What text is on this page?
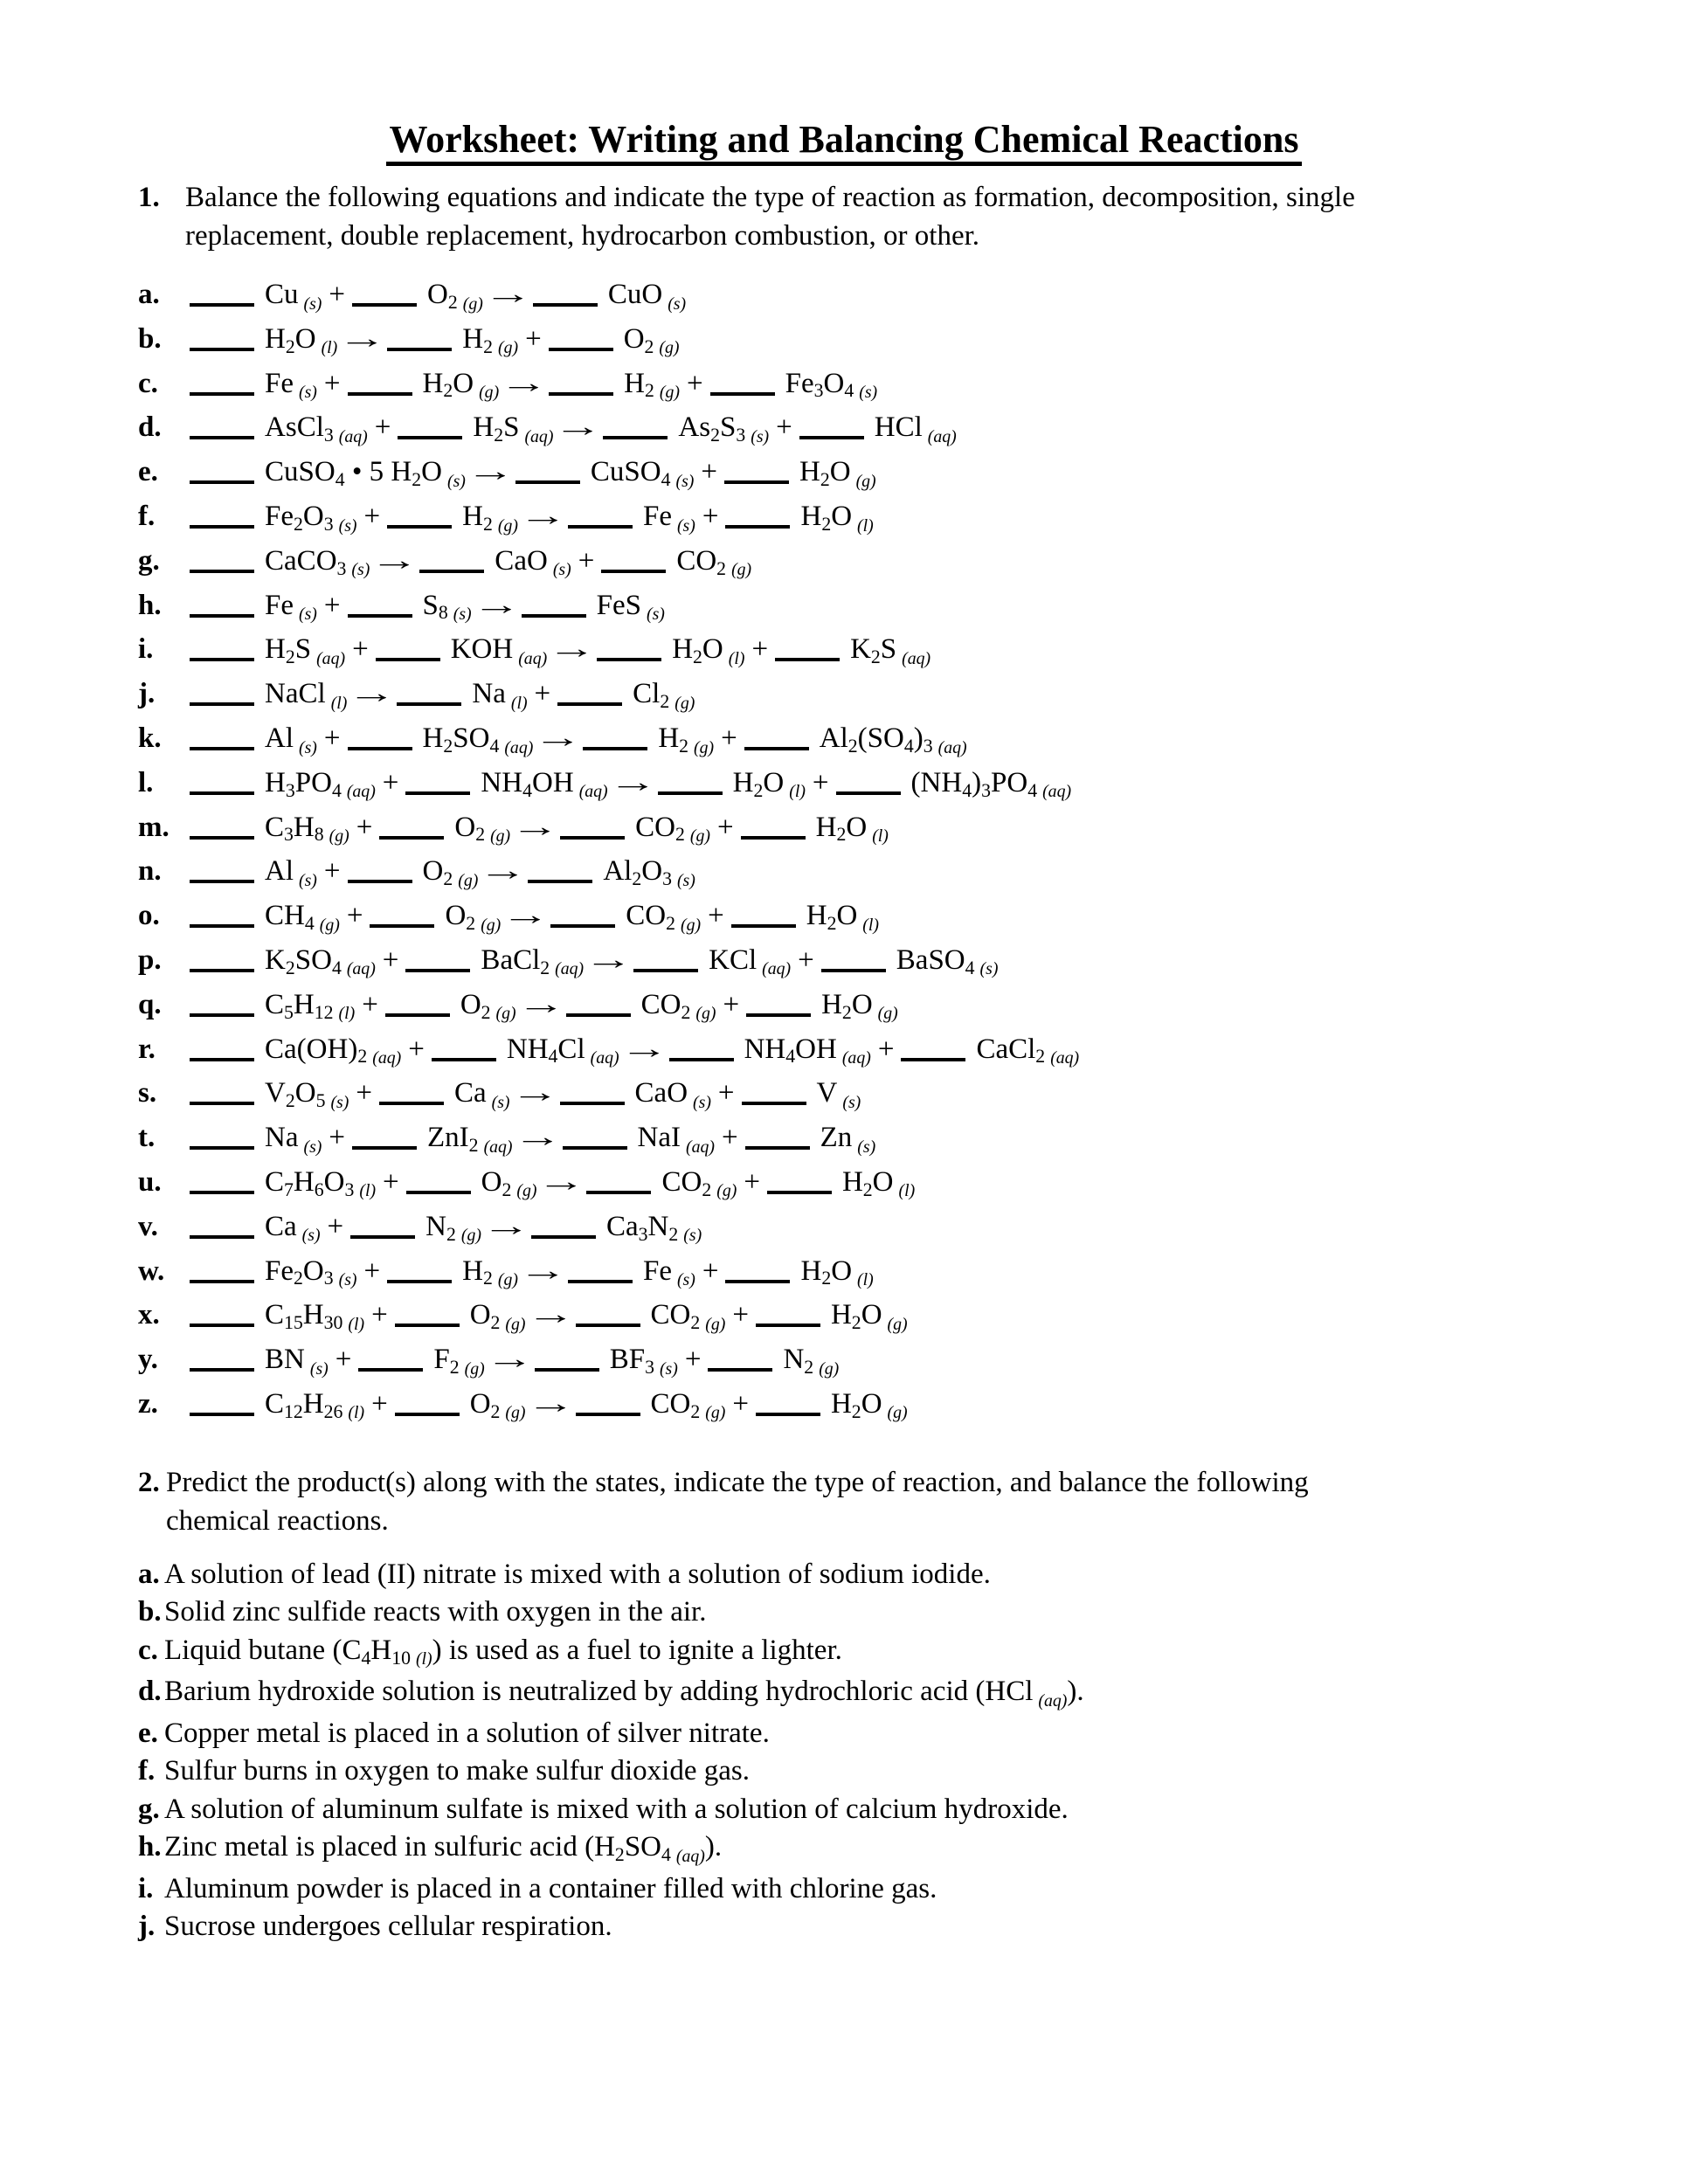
Worksheet: Writing and Balancing Chemical Reactions
1. Balance the following equations and indicate the type of reaction as formation, decomposition, single
replacement, double replacement, hydrocarbon combustion, or other.
a.	Cu (s) +	O2 (g)→	CuO (s)
b.	H2O (l)→	H2 (g) +	O2 (g)
c.	Fe (s) +	H2O (g)→	H2 (g) +	Fe3O4 (s)
d.	AsCl3 (aq) +	H2S (aq)→	As2S3 (s) +	HCl (aq)
e.	CuSO4 • 5 H2O (s)→	CuSO4 (s) +	H2O (g)
f.	Fe2O3 (s) +	H2 (g)→	Fe (s) +	H2O (l)
g.	CaCO3 (s)→	CaO (s) +	CO2 (g)
h.	Fe (s) +	S8 (s)→	FeS (s)
i.	H2S (aq) +	KOH (aq)→	H2O (l) +	K2S (aq)
j.	NaCl (l)→	Na (l) +	Cl2 (g)
k.	Al (s) +	H2SO4 (aq)→	H2 (g) +	Al2(SO4)3 (aq)
l.	H3PO4 (aq) +	NH4OH (aq)→	H2O (l) +	(NH4)3PO4 (aq)
m.	C3H8 (g) +	O2 (g)→	CO2 (g) +	H2O (l)
n.	Al (s) +	O2 (g)→	Al2O3 (s)
o.	CH4 (g) +	O2 (g)→	CO2 (g) +	H2O (l)
p.	K2SO4 (aq) +	BaCl2 (aq)→	KCl (aq) +	BaSO4 (s)
q.	C5H12 (l) +	O2 (g)→	CO2 (g) +	H2O (g)
r.	Ca(OH)2 (aq) +	NH4Cl (aq)→	NH4OH (aq) +	CaCl2 (aq)
s.	V2O5 (s) +	Ca (s)→	CaO (s) +	V (s)
t.	Na (s) +	ZnI2 (aq)→	NaI (aq) +	Zn (s)
u.	C7H6O3 (l) +	O2 (g)→	CO2 (g) +	H2O (l)
v.	Ca (s) +	N2 (g)→	Ca3N2 (s)
w.	Fe2O3 (s) +	H2 (g)→	Fe (s) +	H2O (l)
x.	C15H30 (l) +	O2 (g)→	CO2 (g) +	H2O (g)
y.	BN (s) +	F2 (g)→	BF3 (s) +	N2 (g)
z.	C12H26 (l) +	O2 (g)→	CO2 (g) +	H2O (g)
2. Predict the product(s) along with the states, indicate the type of reaction, and balance the following
chemical reactions.
a. A solution of lead (II) nitrate is mixed with a solution of sodium iodide.
b. Solid zinc sulfide reacts with oxygen in the air.
c. Liquid butane (C4H10 (l)) is used as a fuel to ignite a lighter.
d. Barium hydroxide solution is neutralized by adding hydrochloric acid (HCl (aq)).
e. Copper metal is placed in a solution of silver nitrate.
f. Sulfur burns in oxygen to make sulfur dioxide gas.
g. A solution of aluminum sulfate is mixed with a solution of calcium hydroxide.
h. Zinc metal is placed in sulfuric acid (H2SO4 (aq)).
i. Aluminum powder is placed in a container filled with chlorine gas.
j. Sucrose undergoes cellular respiration.
